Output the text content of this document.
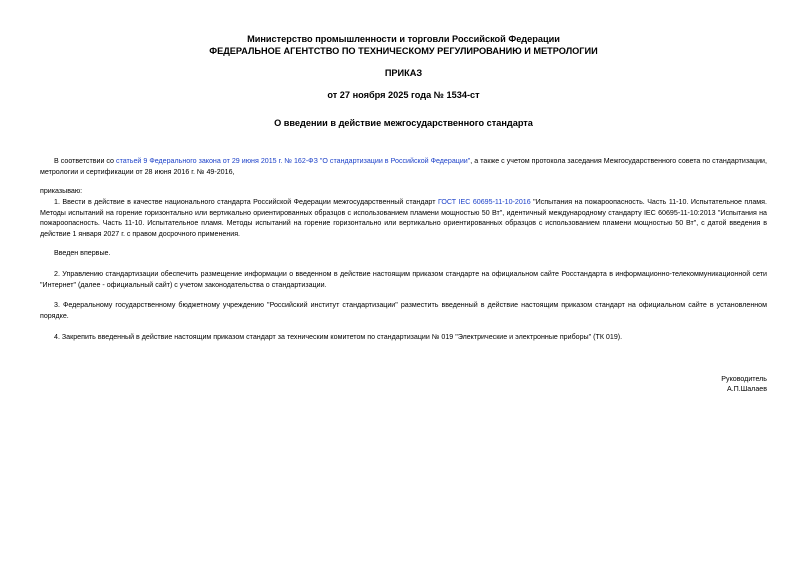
Министерство промышленности и торговли Российской Федерации
ФЕДЕРАЛЬНОЕ АГЕНТСТВО ПО ТЕХНИЧЕСКОМУ РЕГУЛИРОВАНИЮ И МЕТРОЛОГИИ
ПРИКАЗ
от 27 ноября 2025 года № 1534-ст
О введении в действие межгосударственного стандарта
В соответствии со статьей 9 Федерального закона от 29 июня 2015 г. № 162-ФЗ "О стандартизации в Российской Федерации", а также с учетом протокола заседания Межгосударственного совета по стандартизации, метрологии и сертификации от 28 июня 2016 г. № 49-2016,
приказываю:
1. Ввести в действие в качестве национального стандарта Российской Федерации межгосударственный стандарт ГОСТ IEC 60695-11-10-2016 "Испытания на пожароопасность. Часть 11-10. Испытательное пламя. Методы испытаний на горение горизонтально или вертикально ориентированных образцов с использованием пламени мощностью 50 Вт", идентичный международному стандарту IEC 60695-11-10:2013 "Испытания на пожароопасность. Часть 11-10. Испытательное пламя. Методы испытаний на горение горизонтально или вертикально ориентированных образцов с использованием пламени мощностью 50 Вт", с датой введения в действие 1 января 2027 г. с правом досрочного применения.
Введен впервые.
2. Управлению стандартизации обеспечить размещение информации о введенном в действие настоящим приказом стандарте на официальном сайте Росстандарта в информационно-телекоммуникационной сети "Интернет" (далее - официальный сайт) с учетом законодательства о стандартизации.
3. Федеральному государственному бюджетному учреждению "Российский институт стандартизации" разместить введенный в действие настоящим приказом стандарт на официальном сайте в установленном порядке.
4. Закрепить введенный в действие настоящим приказом стандарт за техническим комитетом по стандартизации № 019 "Электрические и электронные приборы" (ТК 019).
Руководитель
А.П.Шалаев
